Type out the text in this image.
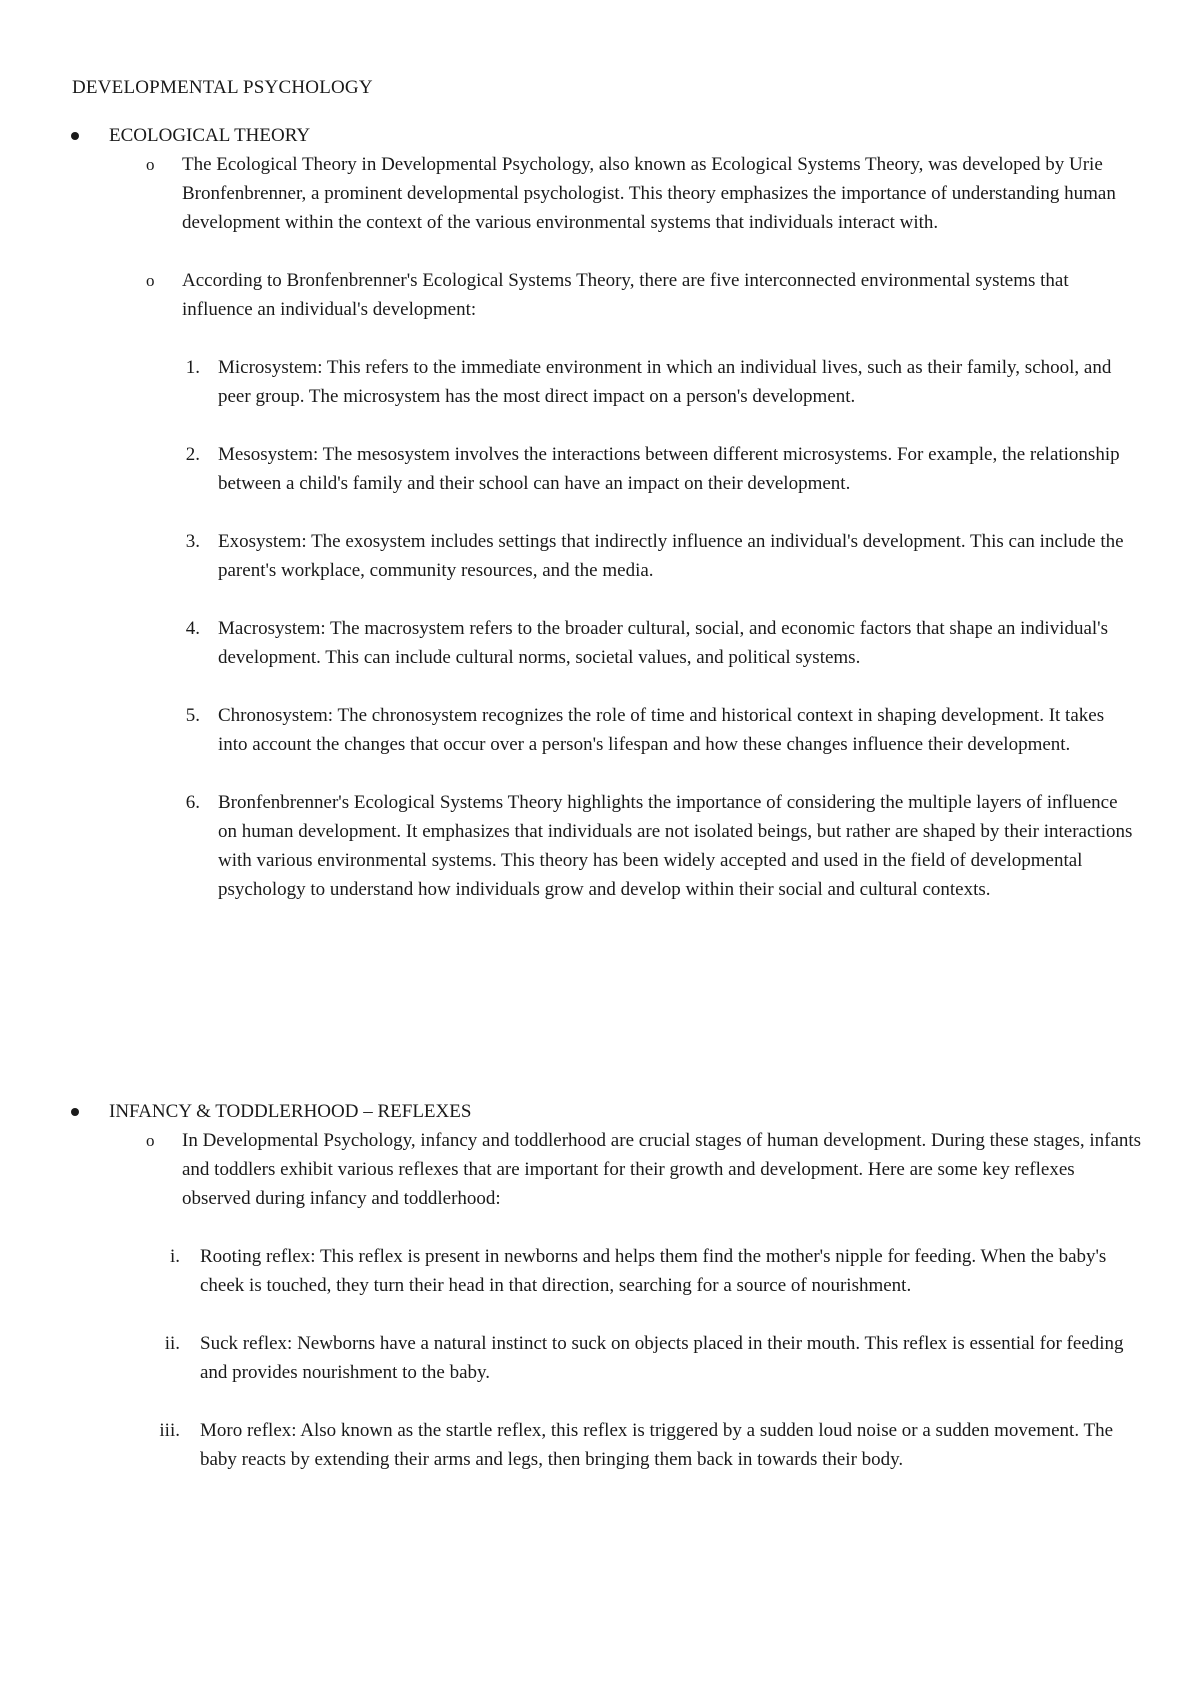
DEVELOPMENTAL PSYCHOLOGY
ECOLOGICAL THEORY
o The Ecological Theory in Developmental Psychology, also known as Ecological Systems Theory, was developed by Urie Bronfenbrenner, a prominent developmental psychologist. This theory emphasizes the importance of understanding human development within the context of the various environmental systems that individuals interact with.

o According to Bronfenbrenner's Ecological Systems Theory, there are five interconnected environmental systems that influence an individual's development:

1. Microsystem: This refers to the immediate environment in which an individual lives, such as their family, school, and peer group. The microsystem has the most direct impact on a person's development.

2. Mesosystem: The mesosystem involves the interactions between different microsystems. For example, the relationship between a child's family and their school can have an impact on their development.

3. Exosystem: The exosystem includes settings that indirectly influence an individual's development. This can include the parent's workplace, community resources, and the media.

4. Macrosystem: The macrosystem refers to the broader cultural, social, and economic factors that shape an individual's development. This can include cultural norms, societal values, and political systems.

5. Chronosystem: The chronosystem recognizes the role of time and historical context in shaping development. It takes into account the changes that occur over a person's lifespan and how these changes influence their development.

6. Bronfenbrenner's Ecological Systems Theory highlights the importance of considering the multiple layers of influence on human development. It emphasizes that individuals are not isolated beings, but rather are shaped by their interactions with various environmental systems. This theory has been widely accepted and used in the field of developmental psychology to understand how individuals grow and develop within their social and cultural contexts.

INFANCY & TODDLERHOOD – REFLEXES
o In Developmental Psychology, infancy and toddlerhood are crucial stages of human development. During these stages, infants and toddlers exhibit various reflexes that are important for their growth and development. Here are some key reflexes observed during infancy and toddlerhood:

i. Rooting reflex: This reflex is present in newborns and helps them find the mother's nipple for feeding. When the baby's cheek is touched, they turn their head in that direction, searching for a source of nourishment.

ii. Suck reflex: Newborns have a natural instinct to suck on objects placed in their mouth. This reflex is essential for feeding and provides nourishment to the baby.

iii. Moro reflex: Also known as the startle reflex, this reflex is triggered by a sudden loud noise or a sudden movement. The baby reacts by extending their arms and legs, then bringing them back in towards their body.
